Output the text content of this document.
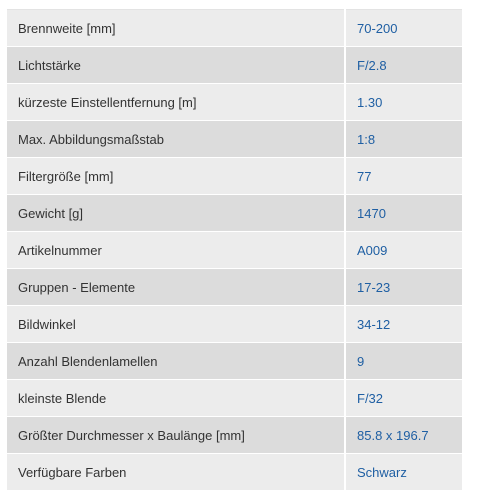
Brennweite [mm]	70-200
Lichtstärke	F/2.8
kürzeste Einstellentfernung [m]	1.30
Max. Abbildungsmaßstab	1:8
Filtergröße [mm]	77
Gewicht [g]	1470
Artikelnummer	A009
Gruppen - Elemente	17-23
Bildwinkel	34-12
Anzahl Blendenlamellen	9
kleinste Blende	F/32
Größter Durchmesser x Baulänge [mm]	85.8 x 196.7
Verfügbare Farben	Schwarz
